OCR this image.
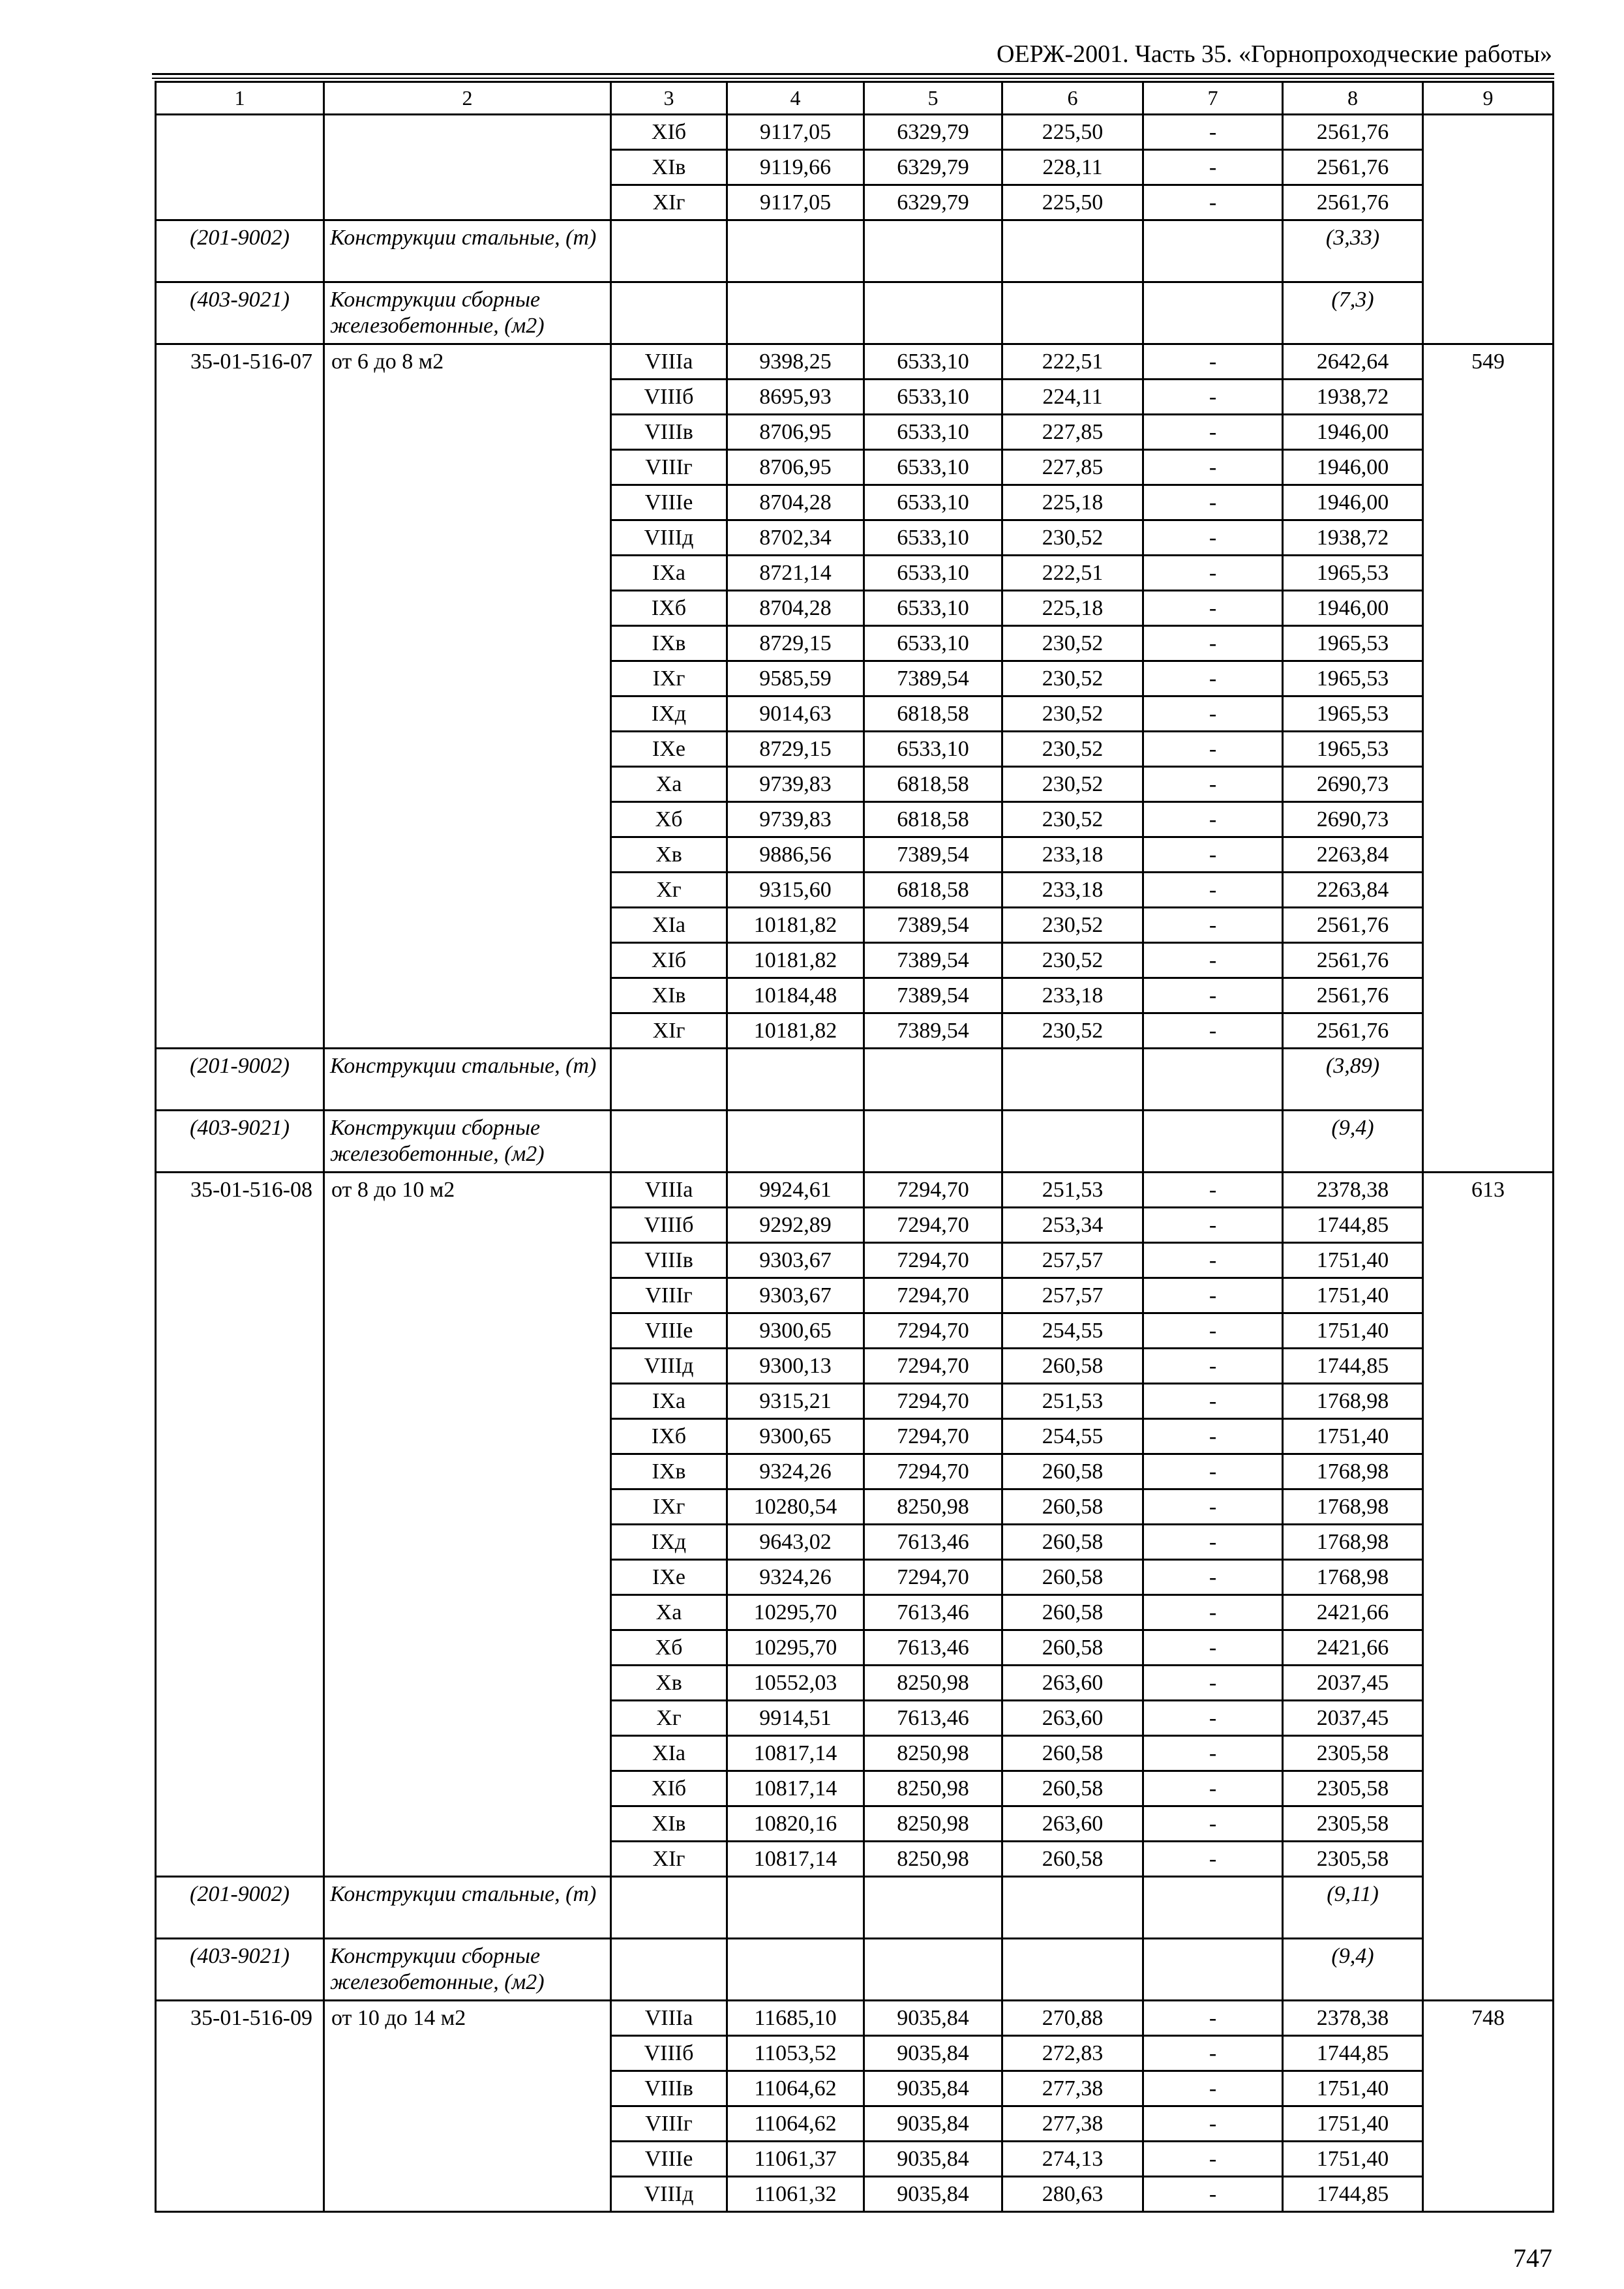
ОЕРЖ-2001. Часть 35. «Горнопроходческие работы»
1	2	3	4	5	6	7	8	9
		XIб	9117,05	6329,79	225,50	-	2561,76	
		XIв	9119,66	6329,79	228,11	-	2561,76	
		XIг	9117,05	6329,79	225,50	-	2561,76	
(201-9002)	Конструкции стальные, (т)						(3,33)	
(403-9021)	Конструкции сборные железобетонные, (м2)						(7,3)	
35-01-516-07	от 6 до 8 м2	VIIIа	9398,25	6533,10	222,51	-	2642,64	549
		VIIIб	8695,93	6533,10	224,11	-	1938,72	
		VIIIв	8706,95	6533,10	227,85	-	1946,00	
		VIIIг	8706,95	6533,10	227,85	-	1946,00	
		VIIIе	8704,28	6533,10	225,18	-	1946,00	
		VIIIд	8702,34	6533,10	230,52	-	1938,72	
		IXа	8721,14	6533,10	222,51	-	1965,53	
		IXб	8704,28	6533,10	225,18	-	1946,00	
		IXв	8729,15	6533,10	230,52	-	1965,53	
		IXг	9585,59	7389,54	230,52	-	1965,53	
		IXд	9014,63	6818,58	230,52	-	1965,53	
		IXе	8729,15	6533,10	230,52	-	1965,53	
		Xа	9739,83	6818,58	230,52	-	2690,73	
		Xб	9739,83	6818,58	230,52	-	2690,73	
		Xв	9886,56	7389,54	233,18	-	2263,84	
		Xг	9315,60	6818,58	233,18	-	2263,84	
		XIа	10181,82	7389,54	230,52	-	2561,76	
		XIб	10181,82	7389,54	230,52	-	2561,76	
		XIв	10184,48	7389,54	233,18	-	2561,76	
		XIг	10181,82	7389,54	230,52	-	2561,76	
(201-9002)	Конструкции стальные, (т)						(3,89)	
(403-9021)	Конструкции сборные железобетонные, (м2)						(9,4)	
35-01-516-08	от 8 до 10 м2	VIIIа	9924,61	7294,70	251,53	-	2378,38	613
		VIIIб	9292,89	7294,70	253,34	-	1744,85	
		VIIIв	9303,67	7294,70	257,57	-	1751,40	
		VIIIг	9303,67	7294,70	257,57	-	1751,40	
		VIIIе	9300,65	7294,70	254,55	-	1751,40	
		VIIIд	9300,13	7294,70	260,58	-	1744,85	
		IXа	9315,21	7294,70	251,53	-	1768,98	
		IXб	9300,65	7294,70	254,55	-	1751,40	
		IXв	9324,26	7294,70	260,58	-	1768,98	
		IXг	10280,54	8250,98	260,58	-	1768,98	
		IXд	9643,02	7613,46	260,58	-	1768,98	
		IXе	9324,26	7294,70	260,58	-	1768,98	
		Xа	10295,70	7613,46	260,58	-	2421,66	
		Xб	10295,70	7613,46	260,58	-	2421,66	
		Xв	10552,03	8250,98	263,60	-	2037,45	
		Xг	9914,51	7613,46	263,60	-	2037,45	
		XIа	10817,14	8250,98	260,58	-	2305,58	
		XIб	10817,14	8250,98	260,58	-	2305,58	
		XIв	10820,16	8250,98	263,60	-	2305,58	
		XIг	10817,14	8250,98	260,58	-	2305,58	
(201-9002)	Конструкции стальные, (т)						(9,11)	
(403-9021)	Конструкции сборные железобетонные, (м2)						(9,4)	
35-01-516-09	от 10 до 14 м2	VIIIа	11685,10	9035,84	270,88	-	2378,38	748
		VIIIб	11053,52	9035,84	272,83	-	1744,85	
		VIIIв	11064,62	9035,84	277,38	-	1751,40	
		VIIIг	11064,62	9035,84	277,38	-	1751,40	
		VIIIе	11061,37	9035,84	274,13	-	1751,40	
		VIIIд	11061,32	9035,84	280,63	-	1744,85	
747
